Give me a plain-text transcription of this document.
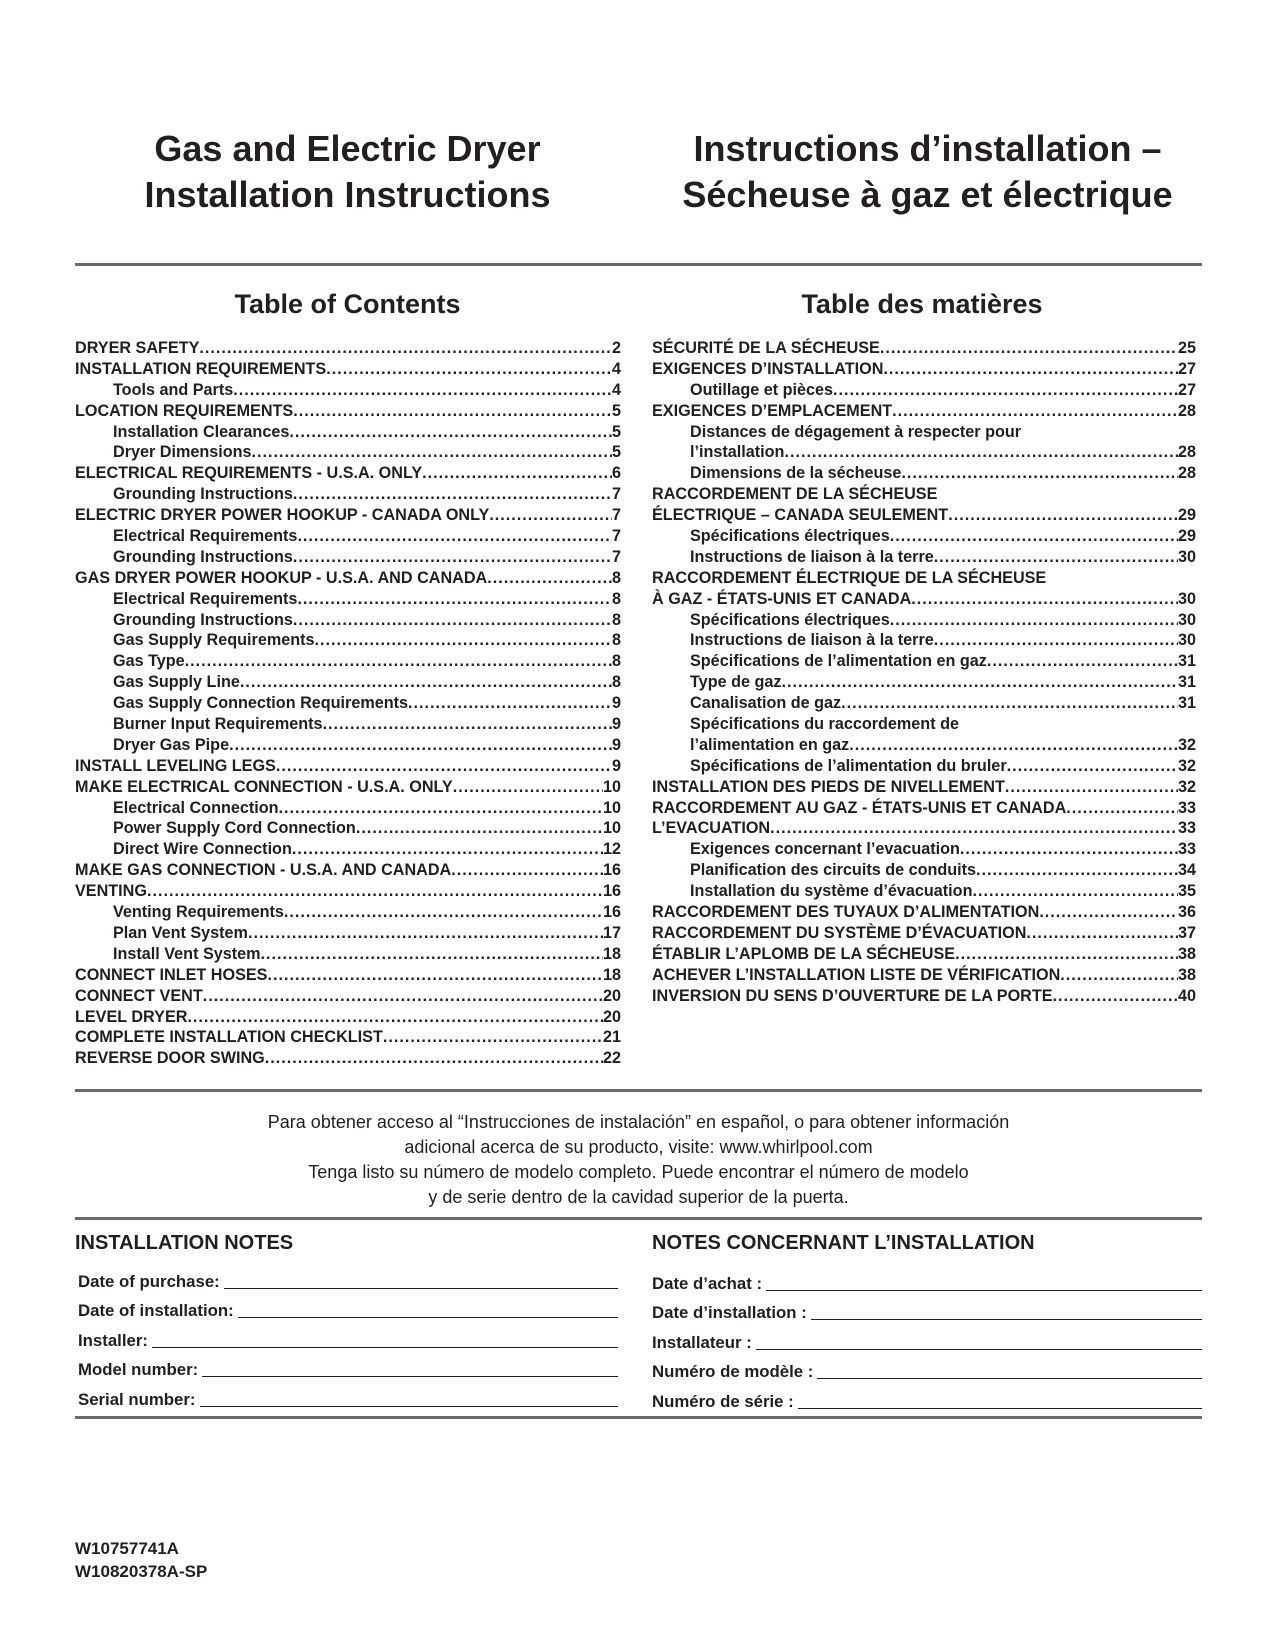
Gas and Electric Dryer
Installation Instructions
Instructions d’installation –
Sécheuse à gaz et électrique
Table of Contents	Table des matières
DRYER SAFETY .....	2
INSTALLATION REQUIREMENTS .....	4
Tools and Parts .....	4
LOCATION REQUIREMENTS .....	5
Installation Clearances .....	5
Dryer Dimensions .....	5
ELECTRICAL REQUIREMENTS - U.S.A. ONLY .....	6
Grounding Instructions .....	7
ELECTRIC DRYER POWER HOOKUP - CANADA ONLY .....	7
Electrical Requirements .....	7
Grounding Instructions .....	7
GAS DRYER POWER HOOKUP - U.S.A. AND CANADA .....	8
Electrical Requirements .....	8
Grounding Instructions .....	8
Gas Supply Requirements .....	8
Gas Type .....	8
Gas Supply Line .....	8
Gas Supply Connection Requirements .....	9
Burner Input Requirements .....	9
Dryer Gas Pipe .....	9
INSTALL LEVELING LEGS .....	9
MAKE ELECTRICAL CONNECTION - U.S.A. ONLY .....	10
Electrical Connection .....	10
Power Supply Cord Connection .....	10
Direct Wire Connection .....	12
MAKE GAS CONNECTION - U.S.A. AND CANADA .....	16
VENTING .....	16
Venting Requirements .....	16
Plan Vent System .....	17
Install Vent System .....	18
CONNECT INLET HOSES .....	18
CONNECT VENT .....	20
LEVEL DRYER .....	20
COMPLETE INSTALLATION CHECKLIST .....	21
REVERSE DOOR SWING .....	22
SÉCURITÉ DE LA SÉCHEUSE .....	25
EXIGENCES D’INSTALLATION .....	27
Outillage et pièces .....	27
EXIGENCES D’EMPLACEMENT .....	28
Distances de dégagement à respecter pour
l’installation .....	28
Dimensions de la sécheuse .....	28
RACCORDEMENT DE LA SÉCHEUSE
ÉLECTRIQUE – CANADA SEULEMENT .....	29
Spécifications électriques .....	29
Instructions de liaison à la terre .....	30
RACCORDEMENT ÉLECTRIQUE DE LA SÉCHEUSE
À GAZ - ÉTATS-UNIS ET CANADA .....	30
Spécifications électriques .....	30
Instructions de liaison à la terre .....	30
Spécifications de l’alimentation en gaz .....	31
Type de gaz .....	31
Canalisation de gaz .....	31
Spécifications du raccordement de
l’alimentation en gaz .....	32
Spécifications de l’alimentation du bruler .....	32
INSTALLATION DES PIEDS DE NIVELLEMENT .....	32
RACCORDEMENT AU GAZ - ÉTATS-UNIS ET CANADA .....	33
L’EVACUATION .....	33
Exigences concernant l’evacuation .....	33
Planification des circuits de conduits .....	34
Installation du système d’évacuation .....	35
RACCORDEMENT DES TUYAUX D’ALIMENTATION .....	36
RACCORDEMENT DU SYSTÈME D’ÉVACUATION .....	37
ÉTABLIR L’APLOMB DE LA SÉCHEUSE .....	38
ACHEVER L’INSTALLATION LISTE DE VÉRIFICATION .....	38
INVERSION DU SENS D’OUVERTURE DE LA PORTE .....	40
Para obtener acceso al “Instrucciones de instalación” en español, o para obtener información
adicional acerca de su producto, visite: www.whirlpool.com
Tenga listo su número de modelo completo. Puede encontrar el número de modelo
y de serie dentro de la cavidad superior de la puerta.
INSTALLATION NOTES	NOTES CONCERNANT L’INSTALLATION
Date of purchase:
Date of installation:
Installer:
Model number:
Serial number:
Date d’achat :
Date d’installation :
Installateur :
Numéro de modèle :
Numéro de série :
W10757741A
W10820378A-SP
